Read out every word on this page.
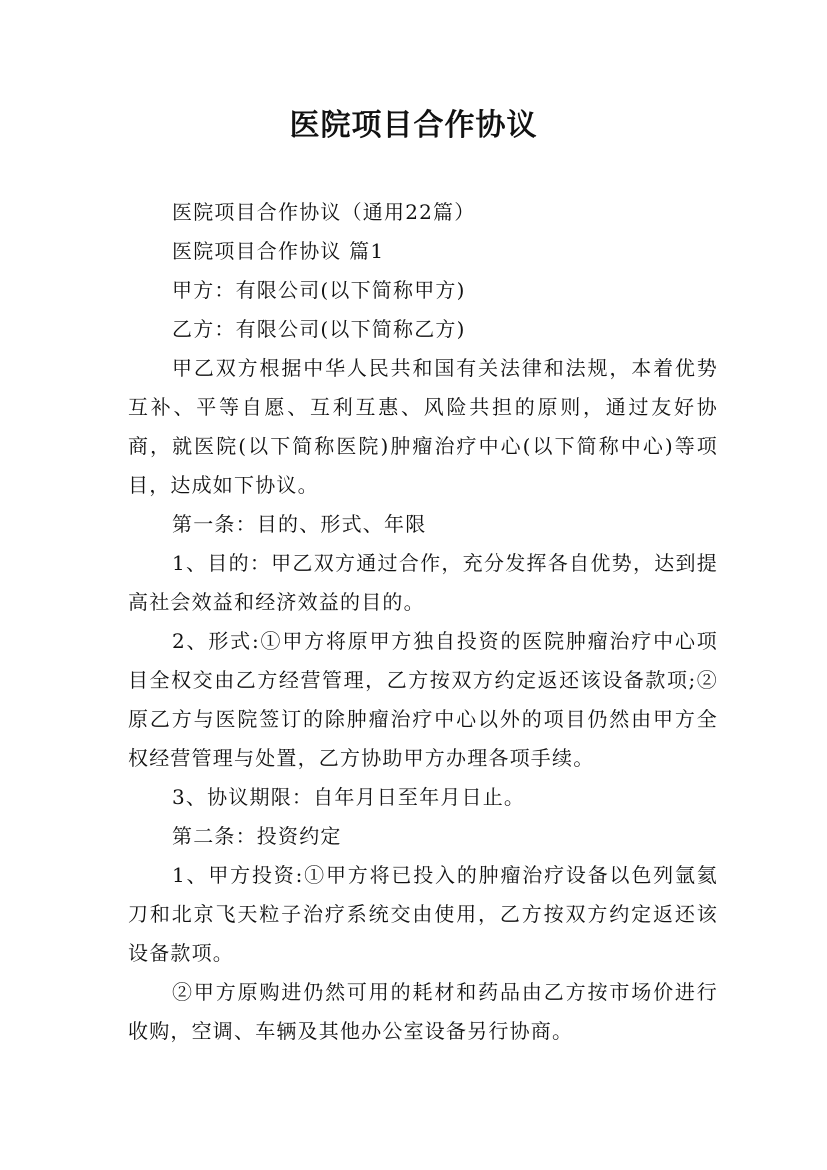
医院项目合作协议

医院项目合作协议（通用22篇）

医院项目合作协议 篇1

甲方：有限公司(以下简称甲方)

乙方：有限公司(以下简称乙方)

甲乙双方根据中华人民共和国有关法律和法规，本着优势互补、平等自愿、互利互惠、风险共担的原则，通过友好协商，就医院(以下简称医院)肿瘤治疗中心(以下简称中心)等项目，达成如下协议。

第一条：目的、形式、年限

1、目的：甲乙双方通过合作，充分发挥各自优势，达到提高社会效益和经济效益的目的。

2、形式:①甲方将原甲方独自投资的医院肿瘤治疗中心项目全权交由乙方经营管理，乙方按双方约定返还该设备款项;②原乙方与医院签订的除肿瘤治疗中心以外的项目仍然由甲方全权经营管理与处置，乙方协助甲方办理各项手续。

3、协议期限：自年月日至年月日止。

第二条：投资约定

1、甲方投资:①甲方将已投入的肿瘤治疗设备以色列氩氦刀和北京飞天粒子治疗系统交由使用，乙方按双方约定返还该设备款项。

②甲方原购进仍然可用的耗材和药品由乙方按市场价进行收购，空调、车辆及其他办公室设备另行协商。
